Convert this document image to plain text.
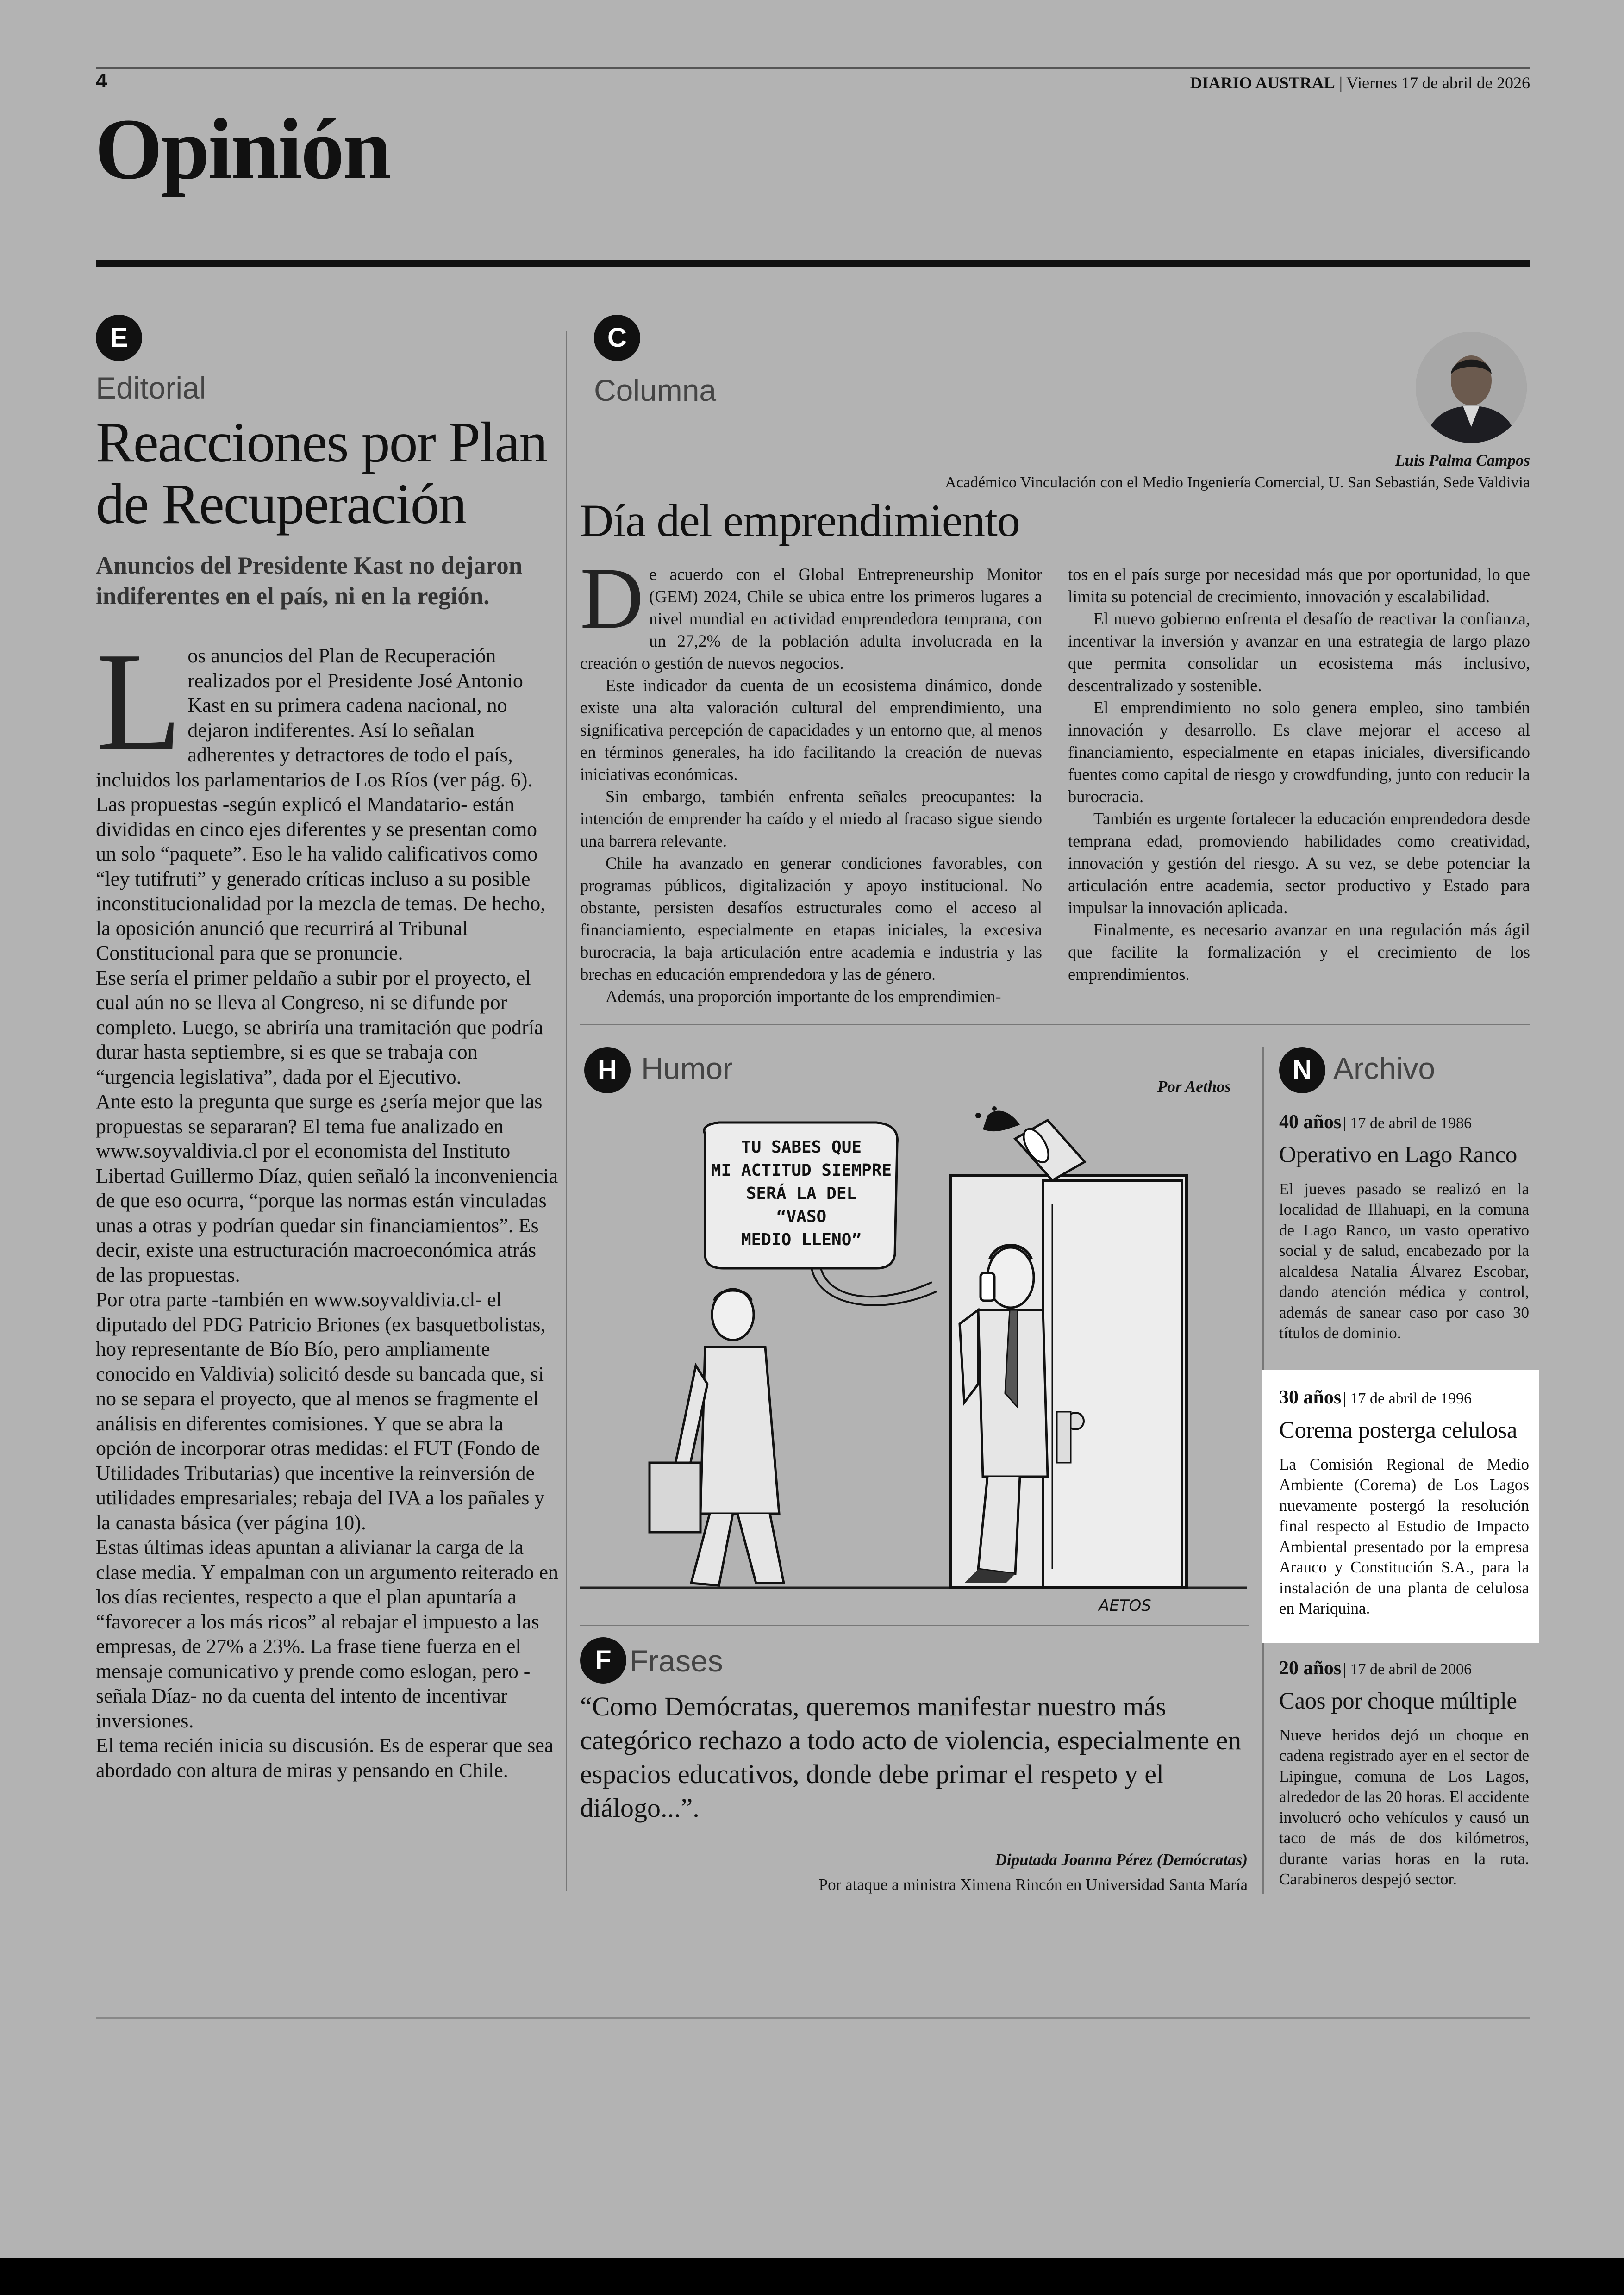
4	DIARIO AUSTRAL | Viernes 17 de abril de 2026
Opinión
E
Editorial
Reacciones por Plan de Recuperación
Anuncios del Presidente Kast no dejaron indiferentes en el país, ni en la región.

Los anuncios del Plan de Recuperación realizados por el Presidente José Antonio Kast en su primera cadena nacional, no dejaron indiferentes. Así lo señalan adherentes y detractores de todo el país, incluidos los parlamentarios de Los Ríos (ver pág. 6).

Las propuestas -según explicó el Mandatario- están divididas en cinco ejes diferentes y se presentan como un solo “paquete”. Eso le ha valido calificativos como “ley tutifruti” y generado críticas incluso a su posible inconstitucionalidad por la mezcla de temas. De hecho, la oposición anunció que recurrirá al Tribunal Constitucional para que se pronuncie.

Ese sería el primer peldaño a subir por el proyecto, el cual aún no se lleva al Congreso, ni se difunde por completo. Luego, se abriría una tramitación que podría durar hasta septiembre, si es que se trabaja con “urgencia legislativa”, dada por el Ejecutivo.

Ante esto la pregunta que surge es ¿sería mejor que las propuestas se separaran? El tema fue analizado en www.soyvaldivia.cl por el economista del Instituto Libertad Guillermo Díaz, quien señaló la inconveniencia de que eso ocurra, “porque las normas están vinculadas unas a otras y podrían quedar sin financiamientos”. Es decir, existe una estructuración macroeconómica atrás de las propuestas.

Por otra parte -también en www.soyvaldivia.cl- el diputado del PDG Patricio Briones (ex basquetbolistas, hoy representante de Bío Bío, pero ampliamente conocido en Valdivia) solicitó desde su bancada que, si no se separa el proyecto, que al menos se fragmente el análisis en diferentes comisiones. Y que se abra la opción de incorporar otras medidas: el FUT (Fondo de Utilidades Tributarias) que incentive la reinversión de utilidades empresariales; rebaja del IVA a los pañales y la canasta básica (ver página 10).

Estas últimas ideas apuntan a alivianar la carga de la clase media. Y empalman con un argumento reiterado en los días recientes, respecto a que el plan apuntaría a “favorecer a los más ricos” al rebajar el impuesto a las empresas, de 27% a 23%. La frase tiene fuerza en el mensaje comunicativo y prende como eslogan, pero -señala Díaz- no da cuenta del intento de incentivar inversiones.

El tema recién inicia su discusión. Es de esperar que sea abordado con altura de miras y pensando en Chile.

C
Columna
Luis Palma Campos
Académico Vinculación con el Medio Ingeniería Comercial, U. San Sebastián, Sede Valdivia
Día del emprendimiento

De acuerdo con el Global Entrepreneurship Monitor (GEM) 2024, Chile se ubica entre los primeros lugares a nivel mundial en actividad emprendedora temprana, con un 27,2% de la población adulta involucrada en la creación o gestión de nuevos negocios.

Este indicador da cuenta de un ecosistema dinámico, donde existe una alta valoración cultural del emprendimiento, una significativa percepción de capacidades y un entorno que, al menos en términos generales, ha ido facilitando la creación de nuevas iniciativas económicas.

Sin embargo, también enfrenta señales preocupantes: la intención de emprender ha caído y el miedo al fracaso sigue siendo una barrera relevante.

Chile ha avanzado en generar condiciones favorables, con programas públicos, digitalización y apoyo institucional. No obstante, persisten desafíos estructurales como el acceso al financiamiento, especialmente en etapas iniciales, la excesiva burocracia, la baja articulación entre academia e industria y las brechas en educación emprendedora y las de género.

Además, una proporción importante de los emprendimien-

tos en el país surge por necesidad más que por oportunidad, lo que limita su potencial de crecimiento, innovación y escalabilidad.

El nuevo gobierno enfrenta el desafío de reactivar la confianza, incentivar la inversión y avanzar en una estrategia de largo plazo que permita consolidar un ecosistema más inclusivo, descentralizado y sostenible.

El emprendimiento no solo genera empleo, sino también innovación y desarrollo. Es clave mejorar el acceso al financiamiento, especialmente en etapas iniciales, diversificando fuentes como capital de riesgo y crowdfunding, junto con reducir la burocracia.

También es urgente fortalecer la educación emprendedora desde temprana edad, promoviendo habilidades como creatividad, innovación y gestión del riesgo. A su vez, se debe potenciar la articulación entre academia, sector productivo y Estado para impulsar la innovación aplicada.

Finalmente, es necesario avanzar en una regulación más ágil que facilite la formalización y el crecimiento de los emprendimientos.

H Humor
Por Aethos
TU SABES QUE
MI ACTITUD SIEMPRE
SERÁ LA DEL
“VASO
MEDIO LLENO”
AETOS
F Frases
“Como Demócratas, queremos manifestar nuestro más categórico rechazo a todo acto de violencia, especialmente en espacios educativos, donde debe primar el respeto y el diálogo...”.
Diputada Joanna Pérez (Demócratas)
Por ataque a ministra Ximena Rincón en Universidad Santa María
N Archivo
40 años | 17 de abril de 1986
Operativo en Lago Ranco

El jueves pasado se realizó en la localidad de Illahuapi, en la comuna de Lago Ranco, un vasto operativo social y de salud, encabezado por la alcaldesa Natalia Álvarez Escobar, dando atención médica y control, además de sanear caso por caso 30 títulos de dominio.

30 años | 17 de abril de 1996
Corema posterga celulosa

La Comisión Regional de Medio Ambiente (Corema) de Los Lagos nuevamente postergó la resolución final respecto al Estudio de Impacto Ambiental presentado por la empresa Arauco y Constitución S.A., para la instalación de una planta de celulosa en Mariquina.

20 años | 17 de abril de 2006
Caos por choque múltiple

Nueve heridos dejó un choque en cadena registrado ayer en el sector de Lipingue, comuna de Los Lagos, alrededor de las 20 horas. El accidente involucró ocho vehículos y causó un taco de más de dos kilómetros, durante varias horas en la ruta. Carabineros despejó sector.
